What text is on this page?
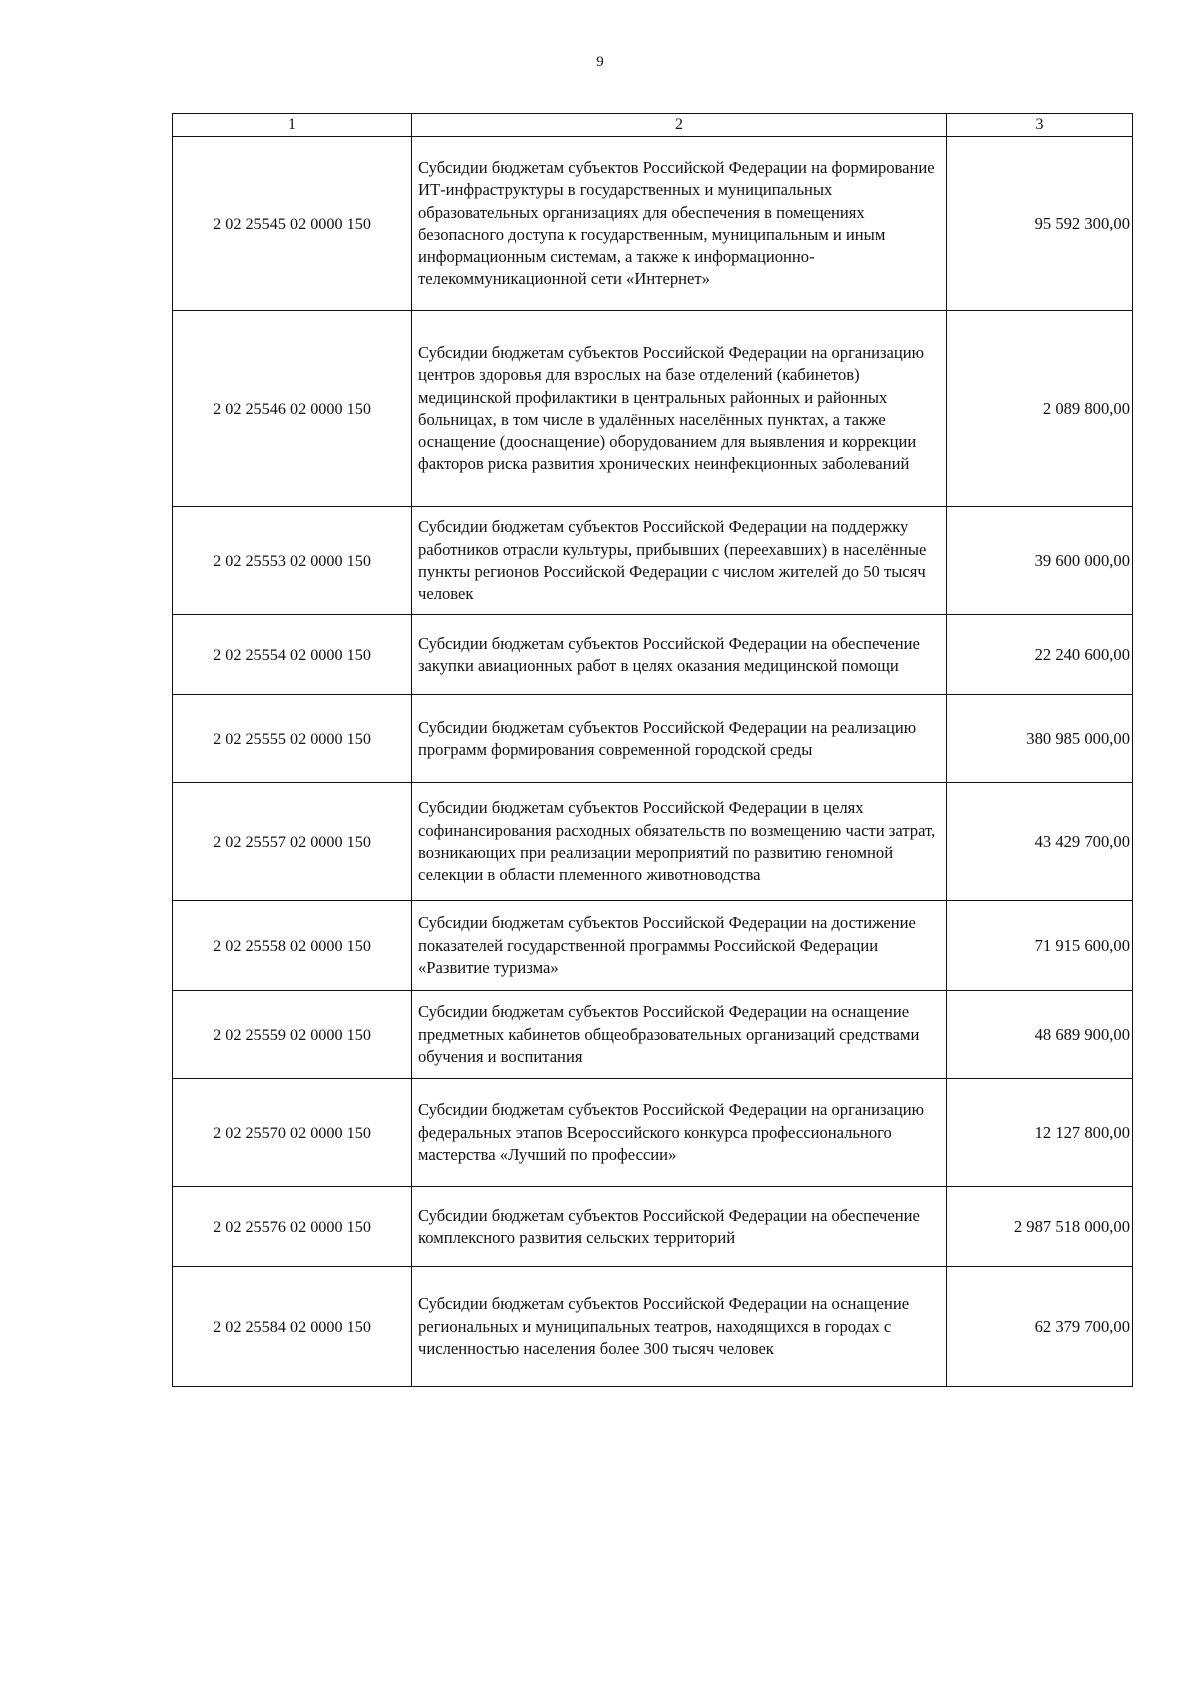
9
1	2	3
2 02 25545 02 0000 150	Субсидии бюджетам субъектов Российской Федерации на формирование ИТ-инфраструктуры в государственных и муниципальных образовательных организациях для обеспечения в помещениях безопасного доступа к государственным, муниципальным и иным информационным системам, а также к информационно-телекоммуникационной сети «Интернет»	95 592 300,00
2 02 25546 02 0000 150	Субсидии бюджетам субъектов Российской Федерации на организацию центров здоровья для взрослых на базе отделений (кабинетов) медицинской профилактики в центральных районных и районных больницах, в том числе в удалённых населённых пунктах, а также оснащение (дооснащение) оборудованием для выявления и коррекции факторов риска развития хронических неинфекционных заболеваний	2 089 800,00
2 02 25553 02 0000 150	Субсидии бюджетам субъектов Российской Федерации на поддержку работников отрасли культуры, прибывших (переехавших) в населённые пункты регионов Российской Федерации с числом жителей до 50 тысяч человек	39 600 000,00
2 02 25554 02 0000 150	Субсидии бюджетам субъектов Российской Федерации на обеспечение закупки авиационных работ в целях оказания медицинской помощи	22 240 600,00
2 02 25555 02 0000 150	Субсидии бюджетам субъектов Российской Федерации на реализацию программ формирования современной городской среды	380 985 000,00
2 02 25557 02 0000 150	Субсидии бюджетам субъектов Российской Федерации в целях софинансирования расходных обязательств по возмещению части затрат, возникающих при реализации мероприятий по развитию геномной селекции в области племенного животноводства	43 429 700,00
2 02 25558 02 0000 150	Субсидии бюджетам субъектов Российской Федерации на достижение показателей государственной программы Российской Федерации «Развитие туризма»	71 915 600,00
2 02 25559 02 0000 150	Субсидии бюджетам субъектов Российской Федерации на оснащение предметных кабинетов общеобразовательных организаций средствами обучения и воспитания	48 689 900,00
2 02 25570 02 0000 150	Субсидии бюджетам субъектов Российской Федерации на организацию федеральных этапов Всероссийского конкурса профессионального мастерства «Лучший по профессии»	12 127 800,00
2 02 25576 02 0000 150	Субсидии бюджетам субъектов Российской Федерации на обеспечение комплексного развития сельских территорий	2 987 518 000,00
2 02 25584 02 0000 150	Субсидии бюджетам субъектов Российской Федерации на оснащение региональных и муниципальных театров, находящихся в городах с численностью населения более 300 тысяч человек	62 379 700,00
